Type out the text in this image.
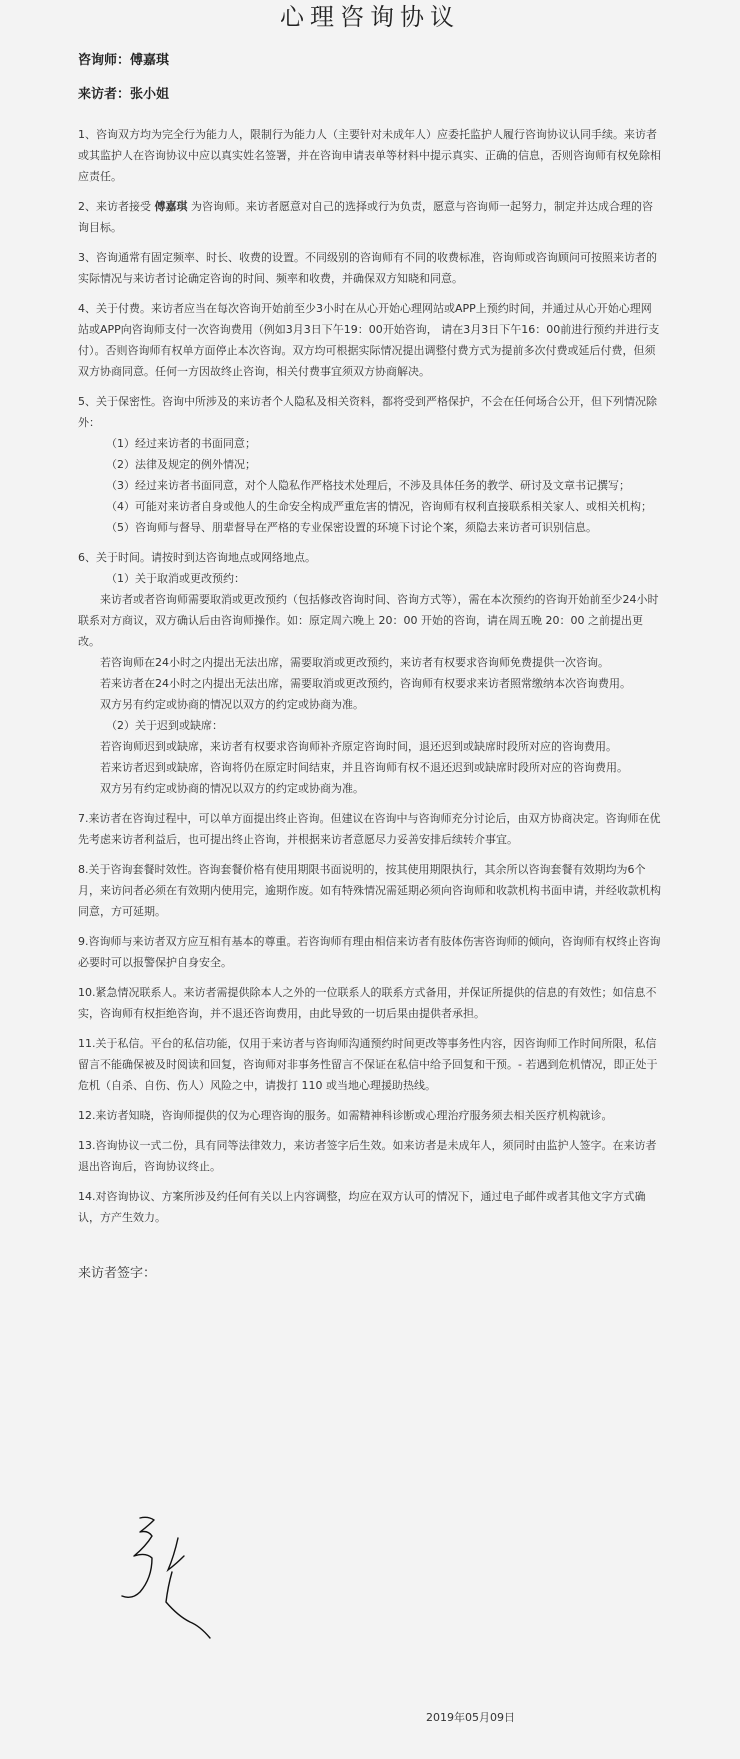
心理咨询协议

咨询师：傅嘉琪

来访者：张小姐

1、咨询双方均为完全行为能力人，限制行为能力人（主要针对未成年人）应委托监护人履行咨询协议认同手续。来访者或其监护人在咨询协议中应以真实姓名签署，并在咨询申请表单等材料中提示真实、正确的信息，否则咨询师有权免除相应责任。

2、来访者接受 傅嘉琪 为咨询师。来访者愿意对自己的选择或行为负责，愿意与咨询师一起努力，制定并达成合理的咨询目标。

3、咨询通常有固定频率、时长、收费的设置。不同级别的咨询师有不同的收费标准，咨询师或咨询顾问可按照来访者的实际情况与来访者讨论确定咨询的时间、频率和收费，并确保双方知晓和同意。

4、关于付费。来访者应当在每次咨询开始前至少3小时在从心开始心理网站或APP上预约时间，并通过从心开始心理网站或APP向咨询师支付一次咨询费用（例如3月3日下午19：00开始咨询， 请在3月3日下午16：00前进行预约并进行支付）。否则咨询师有权单方面停止本次咨询。双方均可根据实际情况提出调整付费方式为提前多次付费或延后付费，但须双方协商同意。任何一方因故终止咨询，相关付费事宜须双方协商解决。

5、关于保密性。咨询中所涉及的来访者个人隐私及相关资料，都将受到严格保护，不会在任何场合公开，但下列情况除外：

（1）经过来访者的书面同意；

（2）法律及规定的例外情况；

（3）经过来访者书面同意，对个人隐私作严格技术处理后，不涉及具体任务的教学、研讨及文章书记撰写；

（4）可能对来访者自身或他人的生命安全构成严重危害的情况，咨询师有权利直接联系相关家人、或相关机构；

（5）咨询师与督导、朋辈督导在严格的专业保密设置的环境下讨论个案，须隐去来访者可识别信息。

6、关于时间。请按时到达咨询地点或网络地点。

（1）关于取消或更改预约：

来访者或者咨询师需要取消或更改预约（包括修改咨询时间、咨询方式等），需在本次预约的咨询开始前至少24小时联系对方商议，双方确认后由咨询师操作。如：原定周六晚上 20：00 开始的咨询，请在周五晚 20：00 之前提出更改。

若咨询师在24小时之内提出无法出席，需要取消或更改预约，来访者有权要求咨询师免费提供一次咨询。

若来访者在24小时之内提出无法出席，需要取消或更改预约，咨询师有权要求来访者照常缴纳本次咨询费用。

双方另有约定或协商的情况以双方的约定或协商为准。

（2）关于迟到或缺席：

若咨询师迟到或缺席，来访者有权要求咨询师补齐原定咨询时间，退还迟到或缺席时段所对应的咨询费用。

若来访者迟到或缺席，咨询将仍在原定时间结束，并且咨询师有权不退还迟到或缺席时段所对应的咨询费用。

双方另有约定或协商的情况以双方的约定或协商为准。

7.来访者在咨询过程中，可以单方面提出终止咨询。但建议在咨询中与咨询师充分讨论后，由双方协商决定。咨询师在优先考虑来访者利益后，也可提出终止咨询，并根据来访者意愿尽力妥善安排后续转介事宜。

8.关于咨询套餐时效性。咨询套餐价格有使用期限书面说明的，按其使用期限执行，其余所以咨询套餐有效期均为6个月，来访问者必须在有效期内使用完，逾期作废。如有特殊情况需延期必须向咨询师和收款机构书面申请，并经收款机构同意，方可延期。

9.咨询师与来访者双方应互相有基本的尊重。若咨询师有理由相信来访者有肢体伤害咨询师的倾向，咨询师有权终止咨询必要时可以报警保护自身安全。

10.紧急情况联系人。来访者需提供除本人之外的一位联系人的联系方式备用，并保证所提供的信息的有效性；如信息不实，咨询师有权拒绝咨询，并不退还咨询费用，由此导致的一切后果由提供者承担。

11.关于私信。平台的私信功能，仅用于来访者与咨询师沟通预约时间更改等事务性内容，因咨询师工作时间所限，私信留言不能确保被及时阅读和回复，咨询师对非事务性留言不保证在私信中给予回复和干预。- 若遇到危机情况，即正处于危机（自杀、自伤、伤人）风险之中，请拨打 110 或当地心理援助热线。

12.来访者知晓，咨询师提供的仅为心理咨询的服务。如需精神科诊断或心理治疗服务须去相关医疗机构就诊。

13.咨询协议一式二份，具有同等法律效力，来访者签字后生效。如来访者是未成年人，须同时由监护人签字。在来访者退出咨询后，咨询协议终止。

14.对咨询协议、方案所涉及约任何有关以上内容调整，均应在双方认可的情况下，通过电子邮件或者其他文字方式确认，方产生效力。

来访者签字：
2019年05月09日
